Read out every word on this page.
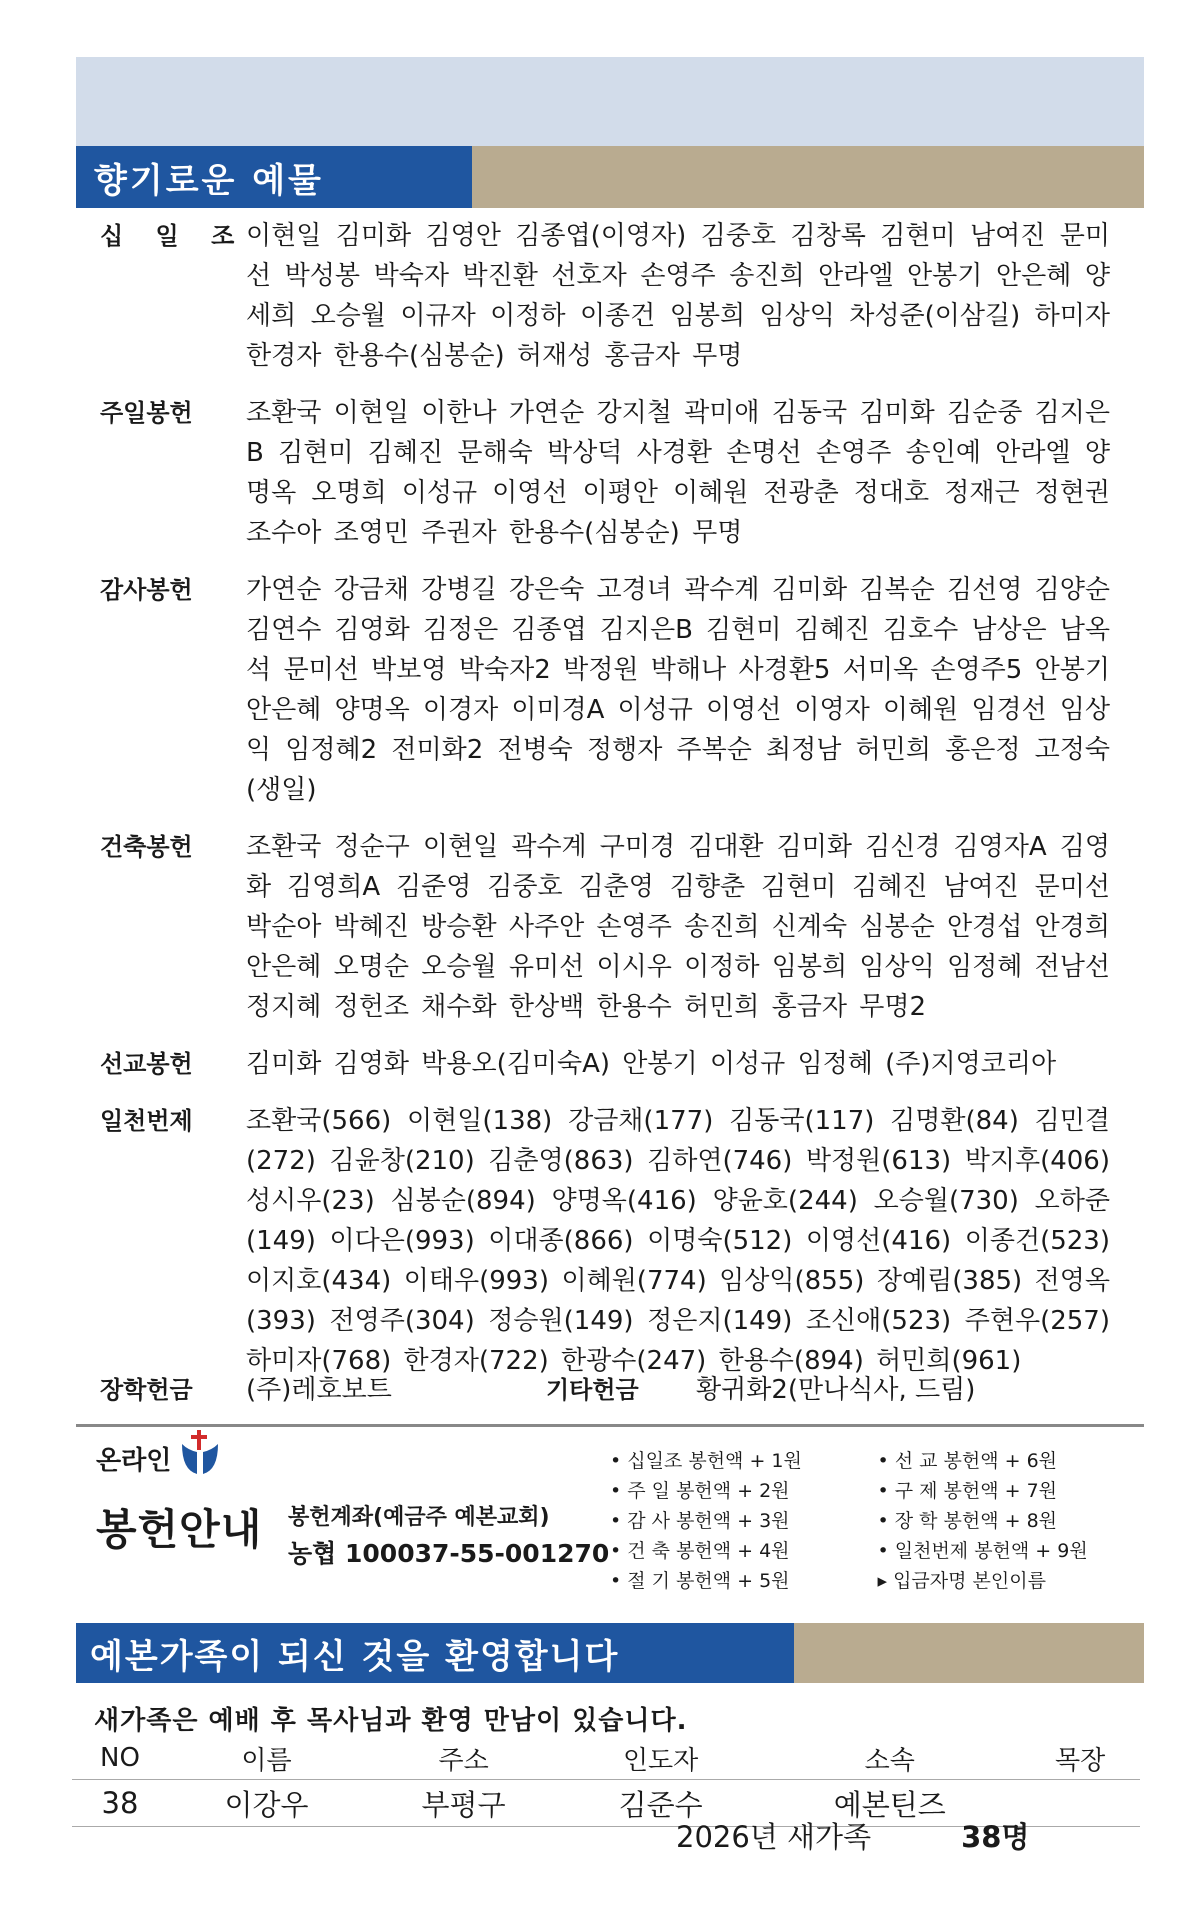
향기로운 예물
십 일 조 이현일 김미화 김영안 김종엽(이영자) 김중호 김창록 김현미 남여진 문미선 박성봉 박숙자 박진환 선호자 손영주 송진희 안라엘 안봉기 안은혜 양세희 오승월 이규자 이정하 이종건 임봉희 임상익 차성준(이삼길) 하미자 한경자 한용수(심봉순) 허재성 홍금자 무명
주일봉헌	조환국 이현일 이한나 가연순 강지철 곽미애 김동국 김미화 김순중 김지은B 김현미 김혜진 문해숙 박상덕 사경환 손명선 손영주 송인예 안라엘 양명옥 오명희 이성규 이영선 이평안 이혜원 전광춘 정대호 정재근 정현권 조수아 조영민 주권자 한용수(심봉순) 무명
감사봉헌	가연순 강금채 강병길 강은숙 고경녀 곽수계 김미화 김복순 김선영 김양순 김연수 김영화 김정은 김종엽 김지은B 김현미 김혜진 김호수 남상은 남옥석 문미선 박보영 박숙자2 박정원 박해나 사경환5 서미옥 손영주5 안봉기 안은혜 양명옥 이경자 이미경A 이성규 이영선 이영자 이혜원 임경선 임상익 임정혜2 전미화2 전병숙 정행자 주복순 최정남 허민희 홍은정 고정숙(생일)
건축봉헌	조환국 정순구 이현일 곽수계 구미경 김대환 김미화 김신경 김영자A 김영화 김영희A 김준영 김중호 김춘영 김향춘 김현미 김혜진 남여진 문미선 박순아 박혜진 방승환 사주안 손영주 송진희 신계숙 심봉순 안경섭 안경희 안은혜 오명순 오승월 유미선 이시우 이정하 임봉희 임상익 임정혜 전남선 정지혜 정헌조 채수화 한상백 한용수 허민희 홍금자 무명2
선교봉헌	김미화 김영화 박용오(김미숙A) 안봉기 이성규 임정혜 (주)지영코리아
일천번제	조환국(566) 이현일(138) 강금채(177) 김동국(117) 김명환(84) 김민결(272) 김윤창(210) 김춘영(863) 김하연(746) 박정원(613) 박지후(406) 성시우(23) 심봉순(894) 양명옥(416) 양윤호(244) 오승월(730) 오하준(149) 이다은(993) 이대종(866) 이명숙(512) 이영선(416) 이종건(523) 이지호(434) 이태우(993) 이혜원(774) 임상익(855) 장예림(385) 전영옥(393) 전영주(304) 정승원(149) 정은지(149) 조신애(523) 주현우(257) 하미자(768) 한경자(722) 한광수(247) 한용수(894) 허민희(961)
장학헌금	(주)레호보트	기타헌금	황귀화2(만나식사, 드림)
온라인
봉헌안내 봉헌계좌(예금주 예본교회)
농협 100037-55-001270
• 십일조 봉헌액 + 1원	• 선 교 봉헌액 + 6원
• 주 일 봉헌액 + 2원	• 구 제 봉헌액 + 7원
• 감 사 봉헌액 + 3원	• 장 학 봉헌액 + 8원
• 건 축 봉헌액 + 4원	• 일천번제 봉헌액 + 9원
• 절 기 봉헌액 + 5원	▸ 입금자명 본인이름
예본가족이 되신 것을 환영합니다
새가족은 예배 후 목사님과 환영 만남이 있습니다.
NO	이름	주소	인도자	소속	목장
38	이강우	부평구	김준수	예본틴즈	
2026년 새가족	38명
